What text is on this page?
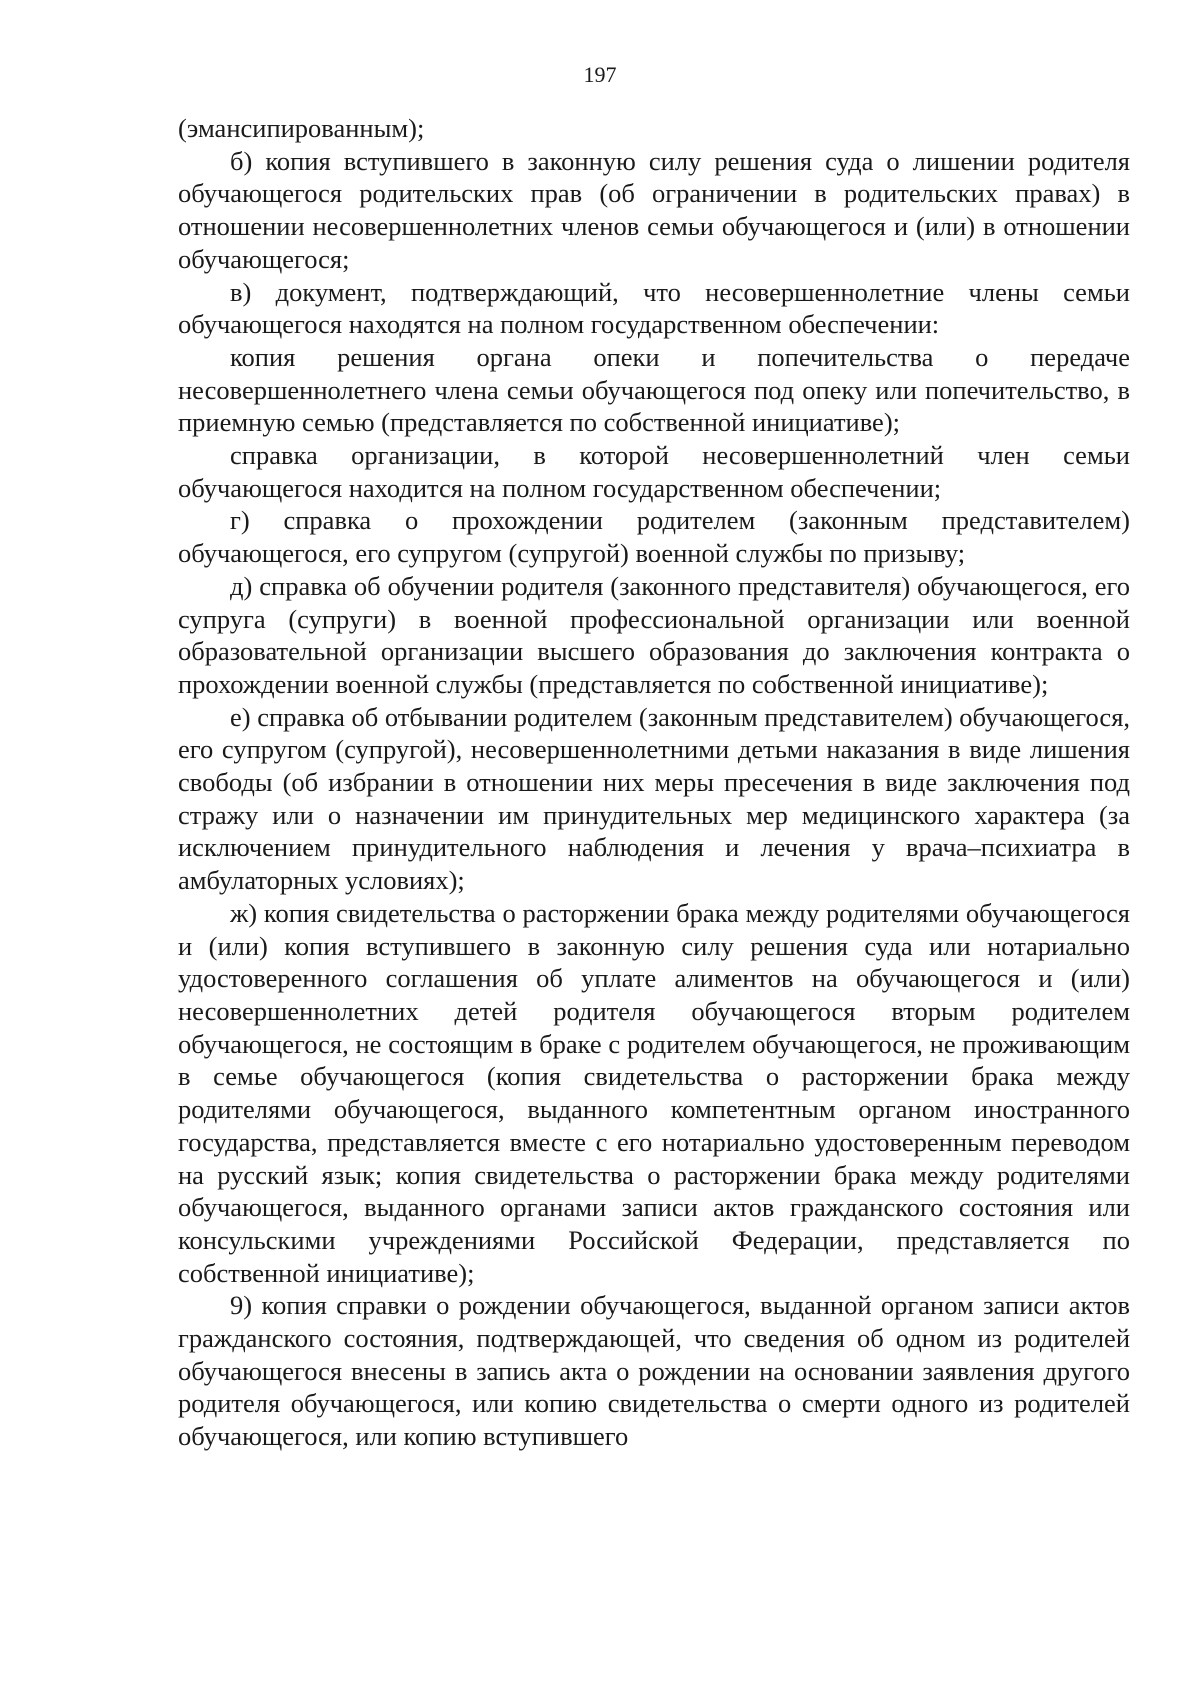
197

(эмансипированным);

б) копия вступившего в законную силу решения суда о лишении родителя обучающегося родительских прав (об ограничении в родительских правах) в отношении несовершеннолетних членов семьи обучающегося и (или) в отношении обучающегося;

в) документ, подтверждающий, что несовершеннолетние члены семьи обучающегося находятся на полном государственном обеспечении:

копия решения органа опеки и попечительства о передаче несовершеннолетнего члена семьи обучающегося под опеку или попечительство, в приемную семью (представляется по собственной инициативе);

справка организации, в которой несовершеннолетний член семьи обучающегося находится на полном государственном обеспечении;

г) справка о прохождении родителем (законным представителем) обучающегося, его супругом (супругой) военной службы по призыву;

д) справка об обучении родителя (законного представителя) обучающегося, его супруга (супруги) в военной профессиональной организации или военной образовательной организации высшего образования до заключения контракта о прохождении военной службы (представляется по собственной инициативе);

е) справка об отбывании родителем (законным представителем) обучающегося, его супругом (супругой), несовершеннолетними детьми наказания в виде лишения свободы (об избрании в отношении них меры пресечения в виде заключения под стражу или о назначении им принудительных мер медицинского характера (за исключением принудительного наблюдения и лечения у врача–психиатра в амбулаторных условиях);

ж) копия свидетельства о расторжении брака между родителями обучающегося и (или) копия вступившего в законную силу решения суда или нотариально удостоверенного соглашения об уплате алиментов на обучающегося и (или) несовершеннолетних детей родителя обучающегося вторым родителем обучающегося, не состоящим в браке с родителем обучающегося, не проживающим в семье обучающегося (копия свидетельства о расторжении брака между родителями обучающегося, выданного компетентным органом иностранного государства, представляется вместе с его нотариально удостоверенным переводом на русский язык; копия свидетельства о расторжении брака между родителями обучающегося, выданного органами записи актов гражданского состояния или консульскими учреждениями Российской Федерации, представляется по собственной инициативе);

9) копия справки о рождении обучающегося, выданной органом записи актов гражданского состояния, подтверждающей, что сведения об одном из родителей обучающегося внесены в запись акта о рождении на основании заявления другого родителя обучающегося, или копию свидетельства о смерти одного из родителей обучающегося, или копию вступившего
